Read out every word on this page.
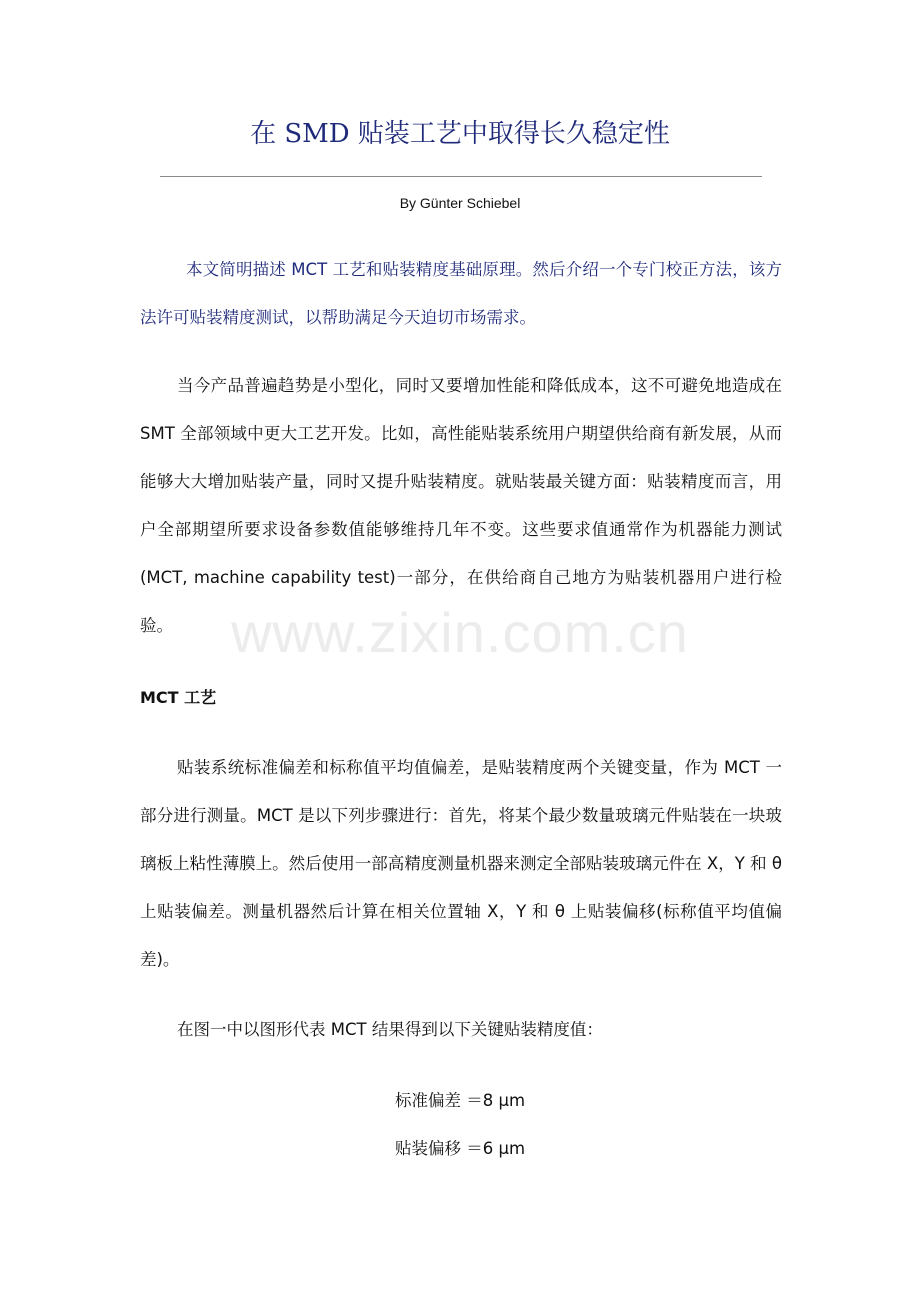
在 SMD 贴装工艺中取得长久稳定性
By Günter Schiebel

本文简明描述 MCT 工艺和贴装精度基础原理。然后介绍一个专门校正方法，该方法许可贴装精度测试，以帮助满足今天迫切市场需求。

当今产品普遍趋势是小型化，同时又要增加性能和降低成本，这不可避免地造成在 SMT 全部领域中更大工艺开发。比如，高性能贴装系统用户期望供给商有新发展，从而能够大大增加贴装产量，同时又提升贴装精度。就贴装最关键方面：贴装精度而言，用户全部期望所要求设备参数值能够维持几年不变。这些要求值通常作为机器能力测试(MCT, machine capability test)一部分，在供给商自己地方为贴装机器用户进行检验。	www.zixin.com.cn
MCT 工艺

贴装系统标准偏差和标称值平均值偏差，是贴装精度两个关键变量，作为 MCT 一部分进行测量。MCT 是以下列步骤进行：首先，将某个最少数量玻璃元件贴装在一块玻璃板上粘性薄膜上。然后使用一部高精度测量机器来测定全部贴装玻璃元件在 X，Y 和 θ 上贴装偏差。测量机器然后计算在相关位置轴 X，Y 和 θ 上贴装偏移(标称值平均值偏差)。

在图一中以图形代表 MCT 结果得到以下关键贴装精度值：

标准偏差 ＝8 μm
贴装偏移 ＝6 μm
